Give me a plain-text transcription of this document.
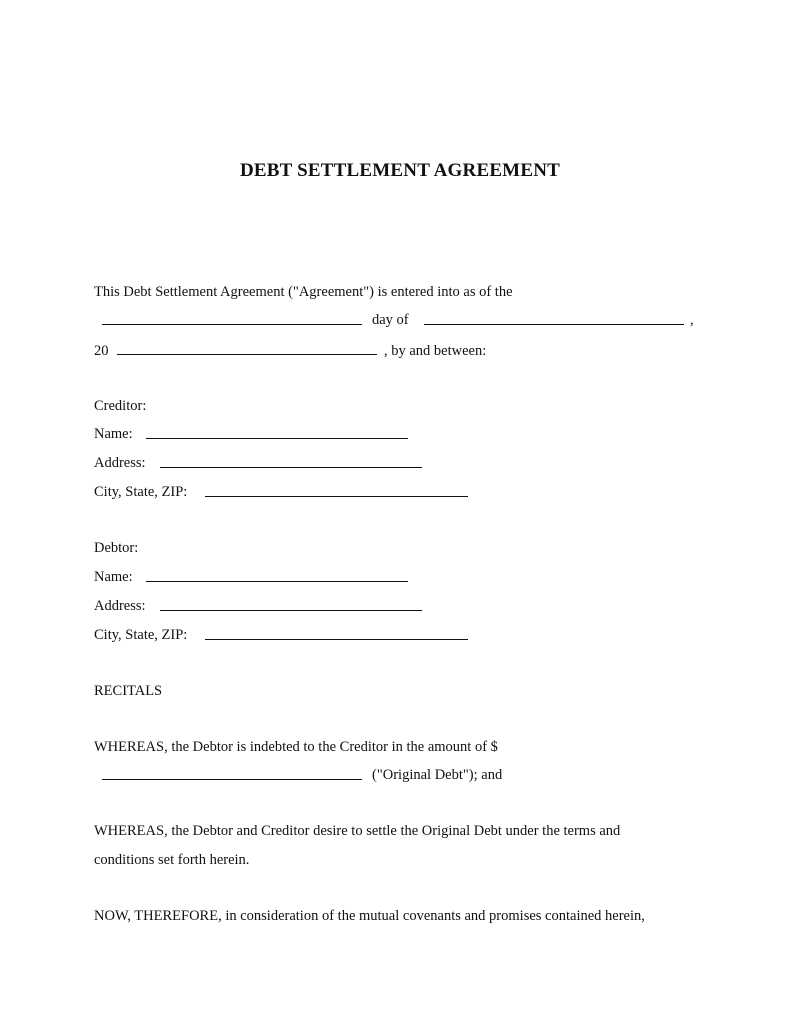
DEBT SETTLEMENT AGREEMENT
This Debt Settlement Agreement ("Agreement") is entered into as of the
day of	,
20	, by and between:
Creditor:
Name:
Address:
City, State, ZIP:
Debtor:
Name:
Address:
City, State, ZIP:
RECITALS
WHEREAS, the Debtor is indebted to the Creditor in the amount of $
("Original Debt"); and
WHEREAS, the Debtor and Creditor desire to settle the Original Debt under the terms and
conditions set forth herein.
NOW, THEREFORE, in consideration of the mutual covenants and promises contained herein,
